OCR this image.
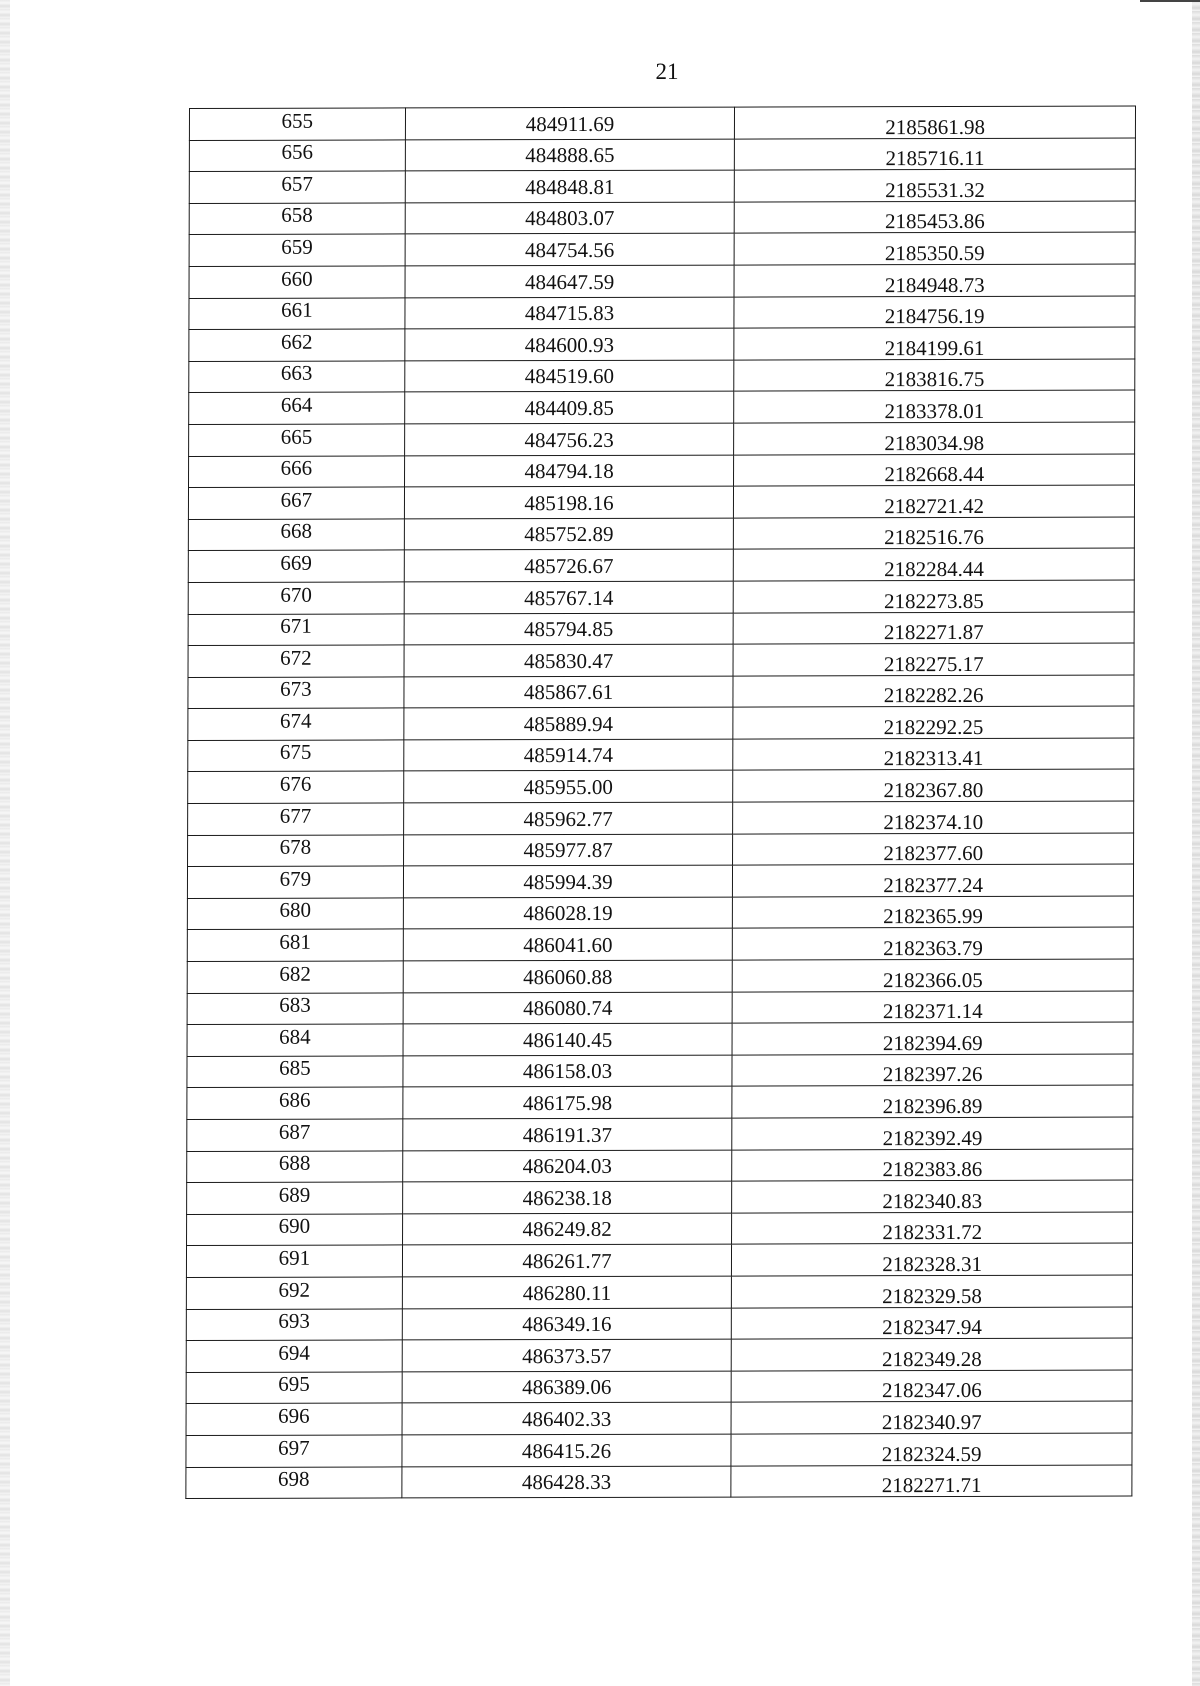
21
655	484911.69	2185861.98
656	484888.65	2185716.11
657	484848.81	2185531.32
658	484803.07	2185453.86
659	484754.56	2185350.59
660	484647.59	2184948.73
661	484715.83	2184756.19
662	484600.93	2184199.61
663	484519.60	2183816.75
664	484409.85	2183378.01
665	484756.23	2183034.98
666	484794.18	2182668.44
667	485198.16	2182721.42
668	485752.89	2182516.76
669	485726.67	2182284.44
670	485767.14	2182273.85
671	485794.85	2182271.87
672	485830.47	2182275.17
673	485867.61	2182282.26
674	485889.94	2182292.25
675	485914.74	2182313.41
676	485955.00	2182367.80
677	485962.77	2182374.10
678	485977.87	2182377.60
679	485994.39	2182377.24
680	486028.19	2182365.99
681	486041.60	2182363.79
682	486060.88	2182366.05
683	486080.74	2182371.14
684	486140.45	2182394.69
685	486158.03	2182397.26
686	486175.98	2182396.89
687	486191.37	2182392.49
688	486204.03	2182383.86
689	486238.18	2182340.83
690	486249.82	2182331.72
691	486261.77	2182328.31
692	486280.11	2182329.58
693	486349.16	2182347.94
694	486373.57	2182349.28
695	486389.06	2182347.06
696	486402.33	2182340.97
697	486415.26	2182324.59
698	486428.33	2182271.71
